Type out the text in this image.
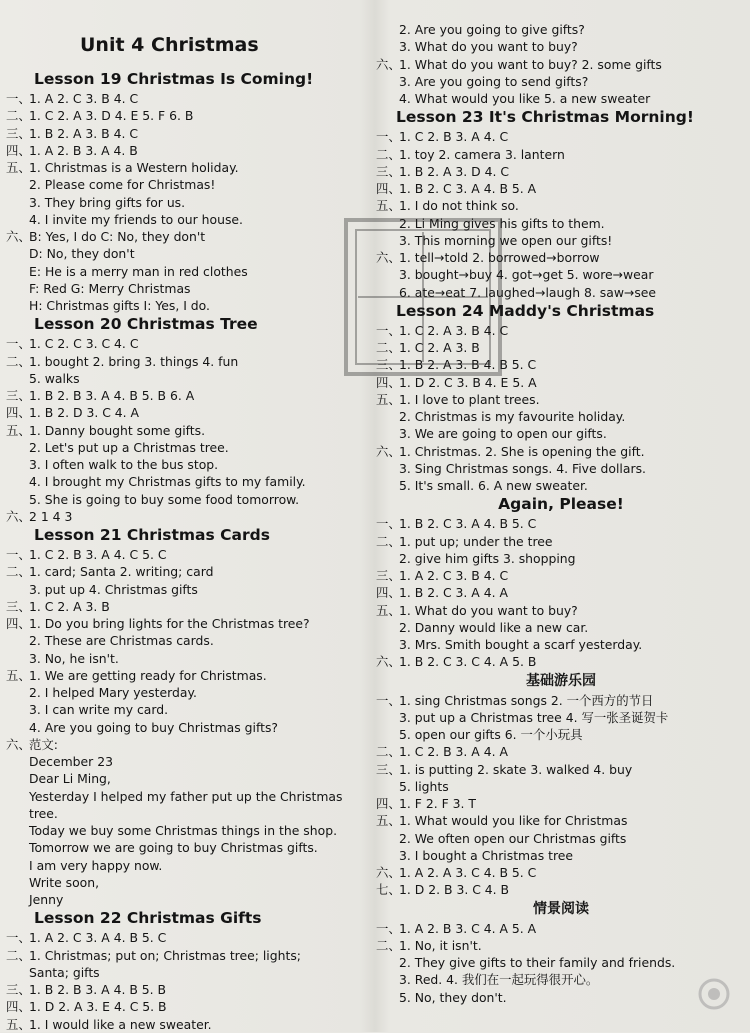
Unit 4 Christmas
Lesson 19 Christmas Is Coming!
一、
1. A 2. C 3. B 4. C
二、
1. C 2. A 3. D 4. E 5. F 6. B
三、
1. B 2. A 3. B 4. C
四、
1. A 2. B 3. A 4. B
五、
1. Christmas is a Western holiday.
2. Please come for Christmas!
3. They bring gifts for us.
4. I invite my friends to our house.
六、
B: Yes, I do C: No, they don't
D: No, they don't
E: He is a merry man in red clothes
F: Red G: Merry Christmas
H: Christmas gifts I: Yes, I do.
Lesson 20 Christmas Tree
一、
1. C 2. C 3. C 4. C
二、
1. bought 2. bring 3. things 4. fun
5. walks
三、
1. B 2. B 3. A 4. B 5. B 6. A
四、
1. B 2. D 3. C 4. A
五、
1. Danny bought some gifts.
2. Let's put up a Christmas tree.
3. I often walk to the bus stop.
4. I brought my Christmas gifts to my family.
5. She is going to buy some food tomorrow.
六、
2 1 4 3
Lesson 21 Christmas Cards
一、
1. C 2. B 3. A 4. C 5. C
二、
1. card; Santa 2. writing; card
3. put up 4. Christmas gifts
三、
1. C 2. A 3. B
四、
1. Do you bring lights for the Christmas tree?
2. These are Christmas cards.
3. No, he isn't.
五、
1. We are getting ready for Christmas.
2. I helped Mary yesterday.
3. I can write my card.
4. Are you going to buy Christmas gifts?
六、
范文:
December 23
Dear Li Ming,
Yesterday I helped my father put up the Christmas
tree.
Today we buy some Christmas things in the shop.
Tomorrow we are going to buy Christmas gifts.
I am very happy now.
Write soon,
Jenny
Lesson 22 Christmas Gifts
一、
1. A 2. C 3. A 4. B 5. C
二、
1. Christmas; put on; Christmas tree; lights;
Santa; gifts
三、
1. B 2. B 3. A 4. B 5. B
四、
1. D 2. A 3. E 4. C 5. B
五、
1. I would like a new sweater.
2. Are you going to give gifts?
3. What do you want to buy?
六、
1. What do you want to buy? 2. some gifts
3. Are you going to send gifts?
4. What would you like 5. a new sweater
Lesson 23 It's Christmas Morning!
一、
1. C 2. B 3. A 4. C
二、
1. toy 2. camera 3. lantern
三、
1. B 2. A 3. D 4. C
四、
1. B 2. C 3. A 4. B 5. A
五、
1. I do not think so.
2. Li Ming gives his gifts to them.
3. This morning we open our gifts!
六、
1. tell→told 2. borrowed→borrow
3. bought→buy 4. got→get 5. wore→wear
6. ate→eat 7. laughed→laugh 8. saw→see
Lesson 24 Maddy's Christmas
一、
1. C 2. A 3. B 4. C
二、
1. C 2. A 3. B
三、
1. B 2. A 3. B 4. B 5. C
四、
1. D 2. C 3. B 4. E 5. A
五、
1. I love to plant trees.
2. Christmas is my favourite holiday.
3. We are going to open our gifts.
六、
1. Christmas. 2. She is opening the gift.
3. Sing Christmas songs. 4. Five dollars.
5. It's small. 6. A new sweater.
Again, Please!
一、
1. B 2. C 3. A 4. B 5. C
二、
1. put up; under the tree
2. give him gifts 3. shopping
三、
1. A 2. C 3. B 4. C
四、
1. B 2. C 3. A 4. A
五、
1. What do you want to buy?
2. Danny would like a new car.
3. Mrs. Smith bought a scarf yesterday.
六、
1. B 2. C 3. C 4. A 5. B
基础游乐园
一、
1. sing Christmas songs 2. 一个西方的节日
3. put up a Christmas tree 4. 写一张圣诞贺卡
5. open our gifts 6. 一个小玩具
二、
1. C 2. B 3. A 4. A
三、
1. is putting 2. skate 3. walked 4. buy
5. lights
四、
1. F 2. F 3. T
五、
1. What would you like for Christmas
2. We often open our Christmas gifts
3. I bought a Christmas tree
六、
1. A 2. A 3. C 4. B 5. C
七、
1. D 2. B 3. C 4. B
情景阅读
一、
1. A 2. B 3. C 4. A 5. A
二、
1. No, it isn't.
2. They give gifts to their family and friends.
3. Red. 4. 我们在一起玩得很开心。
5. No, they don't.
